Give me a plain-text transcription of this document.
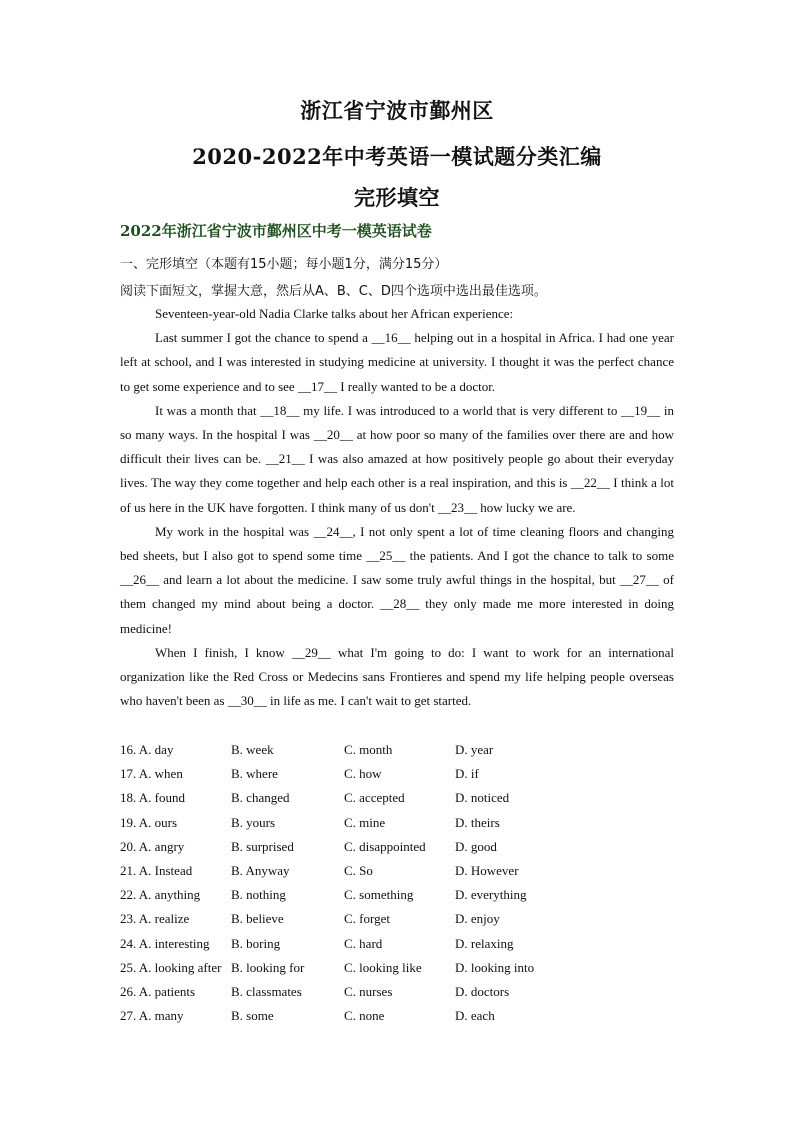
浙江省宁波市鄞州区
2020-2022年中考英语一模试题分类汇编
完形填空
2022年浙江省宁波市鄞州区中考一模英语试卷
一、完形填空（本题有15小题；每小题1分，满分15分）
阅读下面短文，掌握大意，然后从A、B、C、D四个选项中选出最佳选项。

Seventeen-year-old Nadia Clarke talks about her African experience:

Last summer I got the chance to spend a __16__ helping out in a hospital in Africa. I had one year left at school, and I was interested in studying medicine at university. I thought it was the perfect chance to get some experience and to see __17__ I really wanted to be a doctor.

It was a month that __18__ my life. I was introduced to a world that is very different to __19__ in so many ways. In the hospital I was __20__ at how poor so many of the families over there are and how difficult their lives can be. __21__ I was also amazed at how positively people go about their everyday lives. The way they come together and help each other is a real inspiration, and this is __22__ I think a lot of us here in the UK have forgotten. I think many of us don't __23__ how lucky we are.

My work in the hospital was __24__, I not only spent a lot of time cleaning floors and changing bed sheets, but I also got to spend some time __25__ the patients. And I got the chance to talk to some __26__ and learn a lot about the medicine. I saw some truly awful things in the hospital, but __27__ of them changed my mind about being a doctor. __28__ they only made me more interested in doing medicine!

When I finish, I know __29__ what I'm going to do: I want to work for an international organization like the Red Cross or Medecins sans Frontieres and spend my life helping people overseas who haven't been as __30__ in life as me. I can't wait to get started.

16. A. day	B. week	C. month	D. year
17. A. when	B. where	C. how	D. if
18. A. found	B. changed	C. accepted	D. noticed
19. A. ours	B. yours	C. mine	D. theirs
20. A. angry	B. surprised	C. disappointed D. good
21. A. Instead	B. Anyway	C. So	D. However
22. A. anything B. nothing	C. something	D. everything
23. A. realize	B. believe	C. forget	D. enjoy
24. A. interesting B. boring	C. hard	D. relaxing
25. A. looking after B. looking for	C. looking like	D. looking into
26. A. patients	B. classmates	C. nurses	D. doctors
27. A. many	B. some	C. none	D. each
